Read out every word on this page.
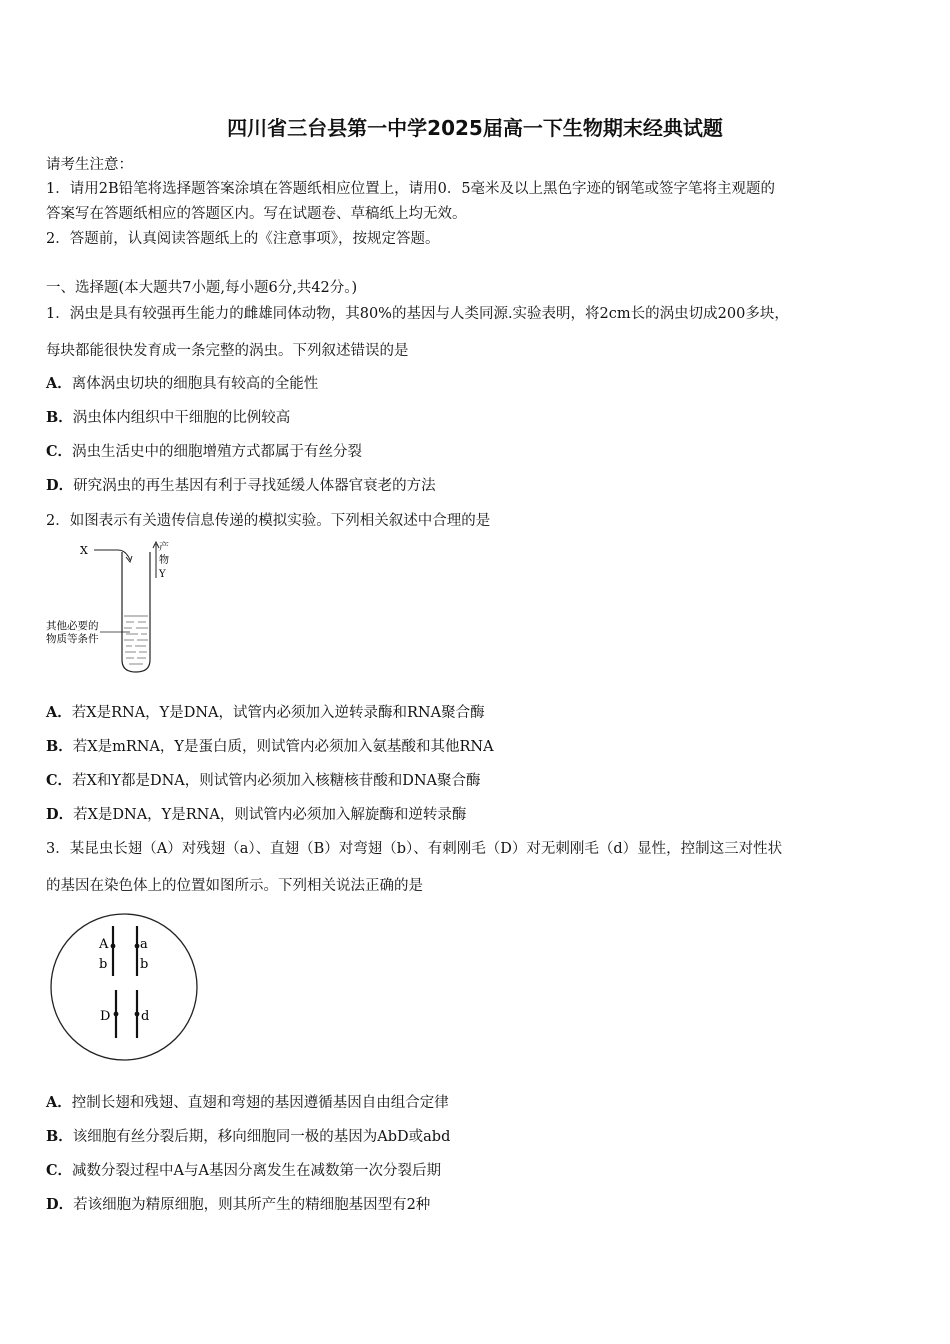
四川省三台县第一中学2025届高一下生物期末经典试题
请考生注意：
1．请用2B铅笔将选择题答案涂填在答题纸相应位置上，请用0．5毫米及以上黑色字迹的钢笔或签字笔将主观题的
答案写在答题纸相应的答题区内。写在试题卷、草稿纸上均无效。
2．答题前，认真阅读答题纸上的《注意事项》，按规定答题。
一、选择题(本大题共7小题,每小题6分,共42分。)
1．涡虫是具有较强再生能力的雌雄同体动物，其80%的基因与人类同源.实验表明，将2cm长的涡虫切成200多块，
每块都能很快发育成一条完整的涡虫。下列叙述错误的是
A．离体涡虫切块的细胞具有较高的全能性
B．涡虫体内组织中干细胞的比例较高
C．涡虫生活史中的细胞增殖方式都属于有丝分裂
D．研究涡虫的再生基因有利于寻找延缓人体器官衰老的方法
2．如图表示有关遗传信息传递的模拟实验。下列相关叙述中合理的是
X	产
物
Y
其他必要的
物质等条件
A．若X是RNA，Y是DNA，试管内必须加入逆转录酶和RNA聚合酶
B．若X是mRNA，Y是蛋白质，则试管内必须加入氨基酸和其他RNA
C．若X和Y都是DNA，则试管内必须加入核糖核苷酸和DNA聚合酶
D．若X是DNA，Y是RNA，则试管内必须加入解旋酶和逆转录酶
3．某昆虫长翅（A）对残翅（a）、直翅（B）对弯翅（b）、有刺刚毛（D）对无刺刚毛（d）显性，控制这三对性状
的基因在染色体上的位置如图所示。下列相关说法正确的是
A a
b	b
D d
A．控制长翅和残翅、直翅和弯翅的基因遵循基因自由组合定律
B．该细胞有丝分裂后期，移向细胞同一极的基因为AbD或abd
C．减数分裂过程中A与A基因分离发生在减数第一次分裂后期
D．若该细胞为精原细胞，则其所产生的精细胞基因型有2种
